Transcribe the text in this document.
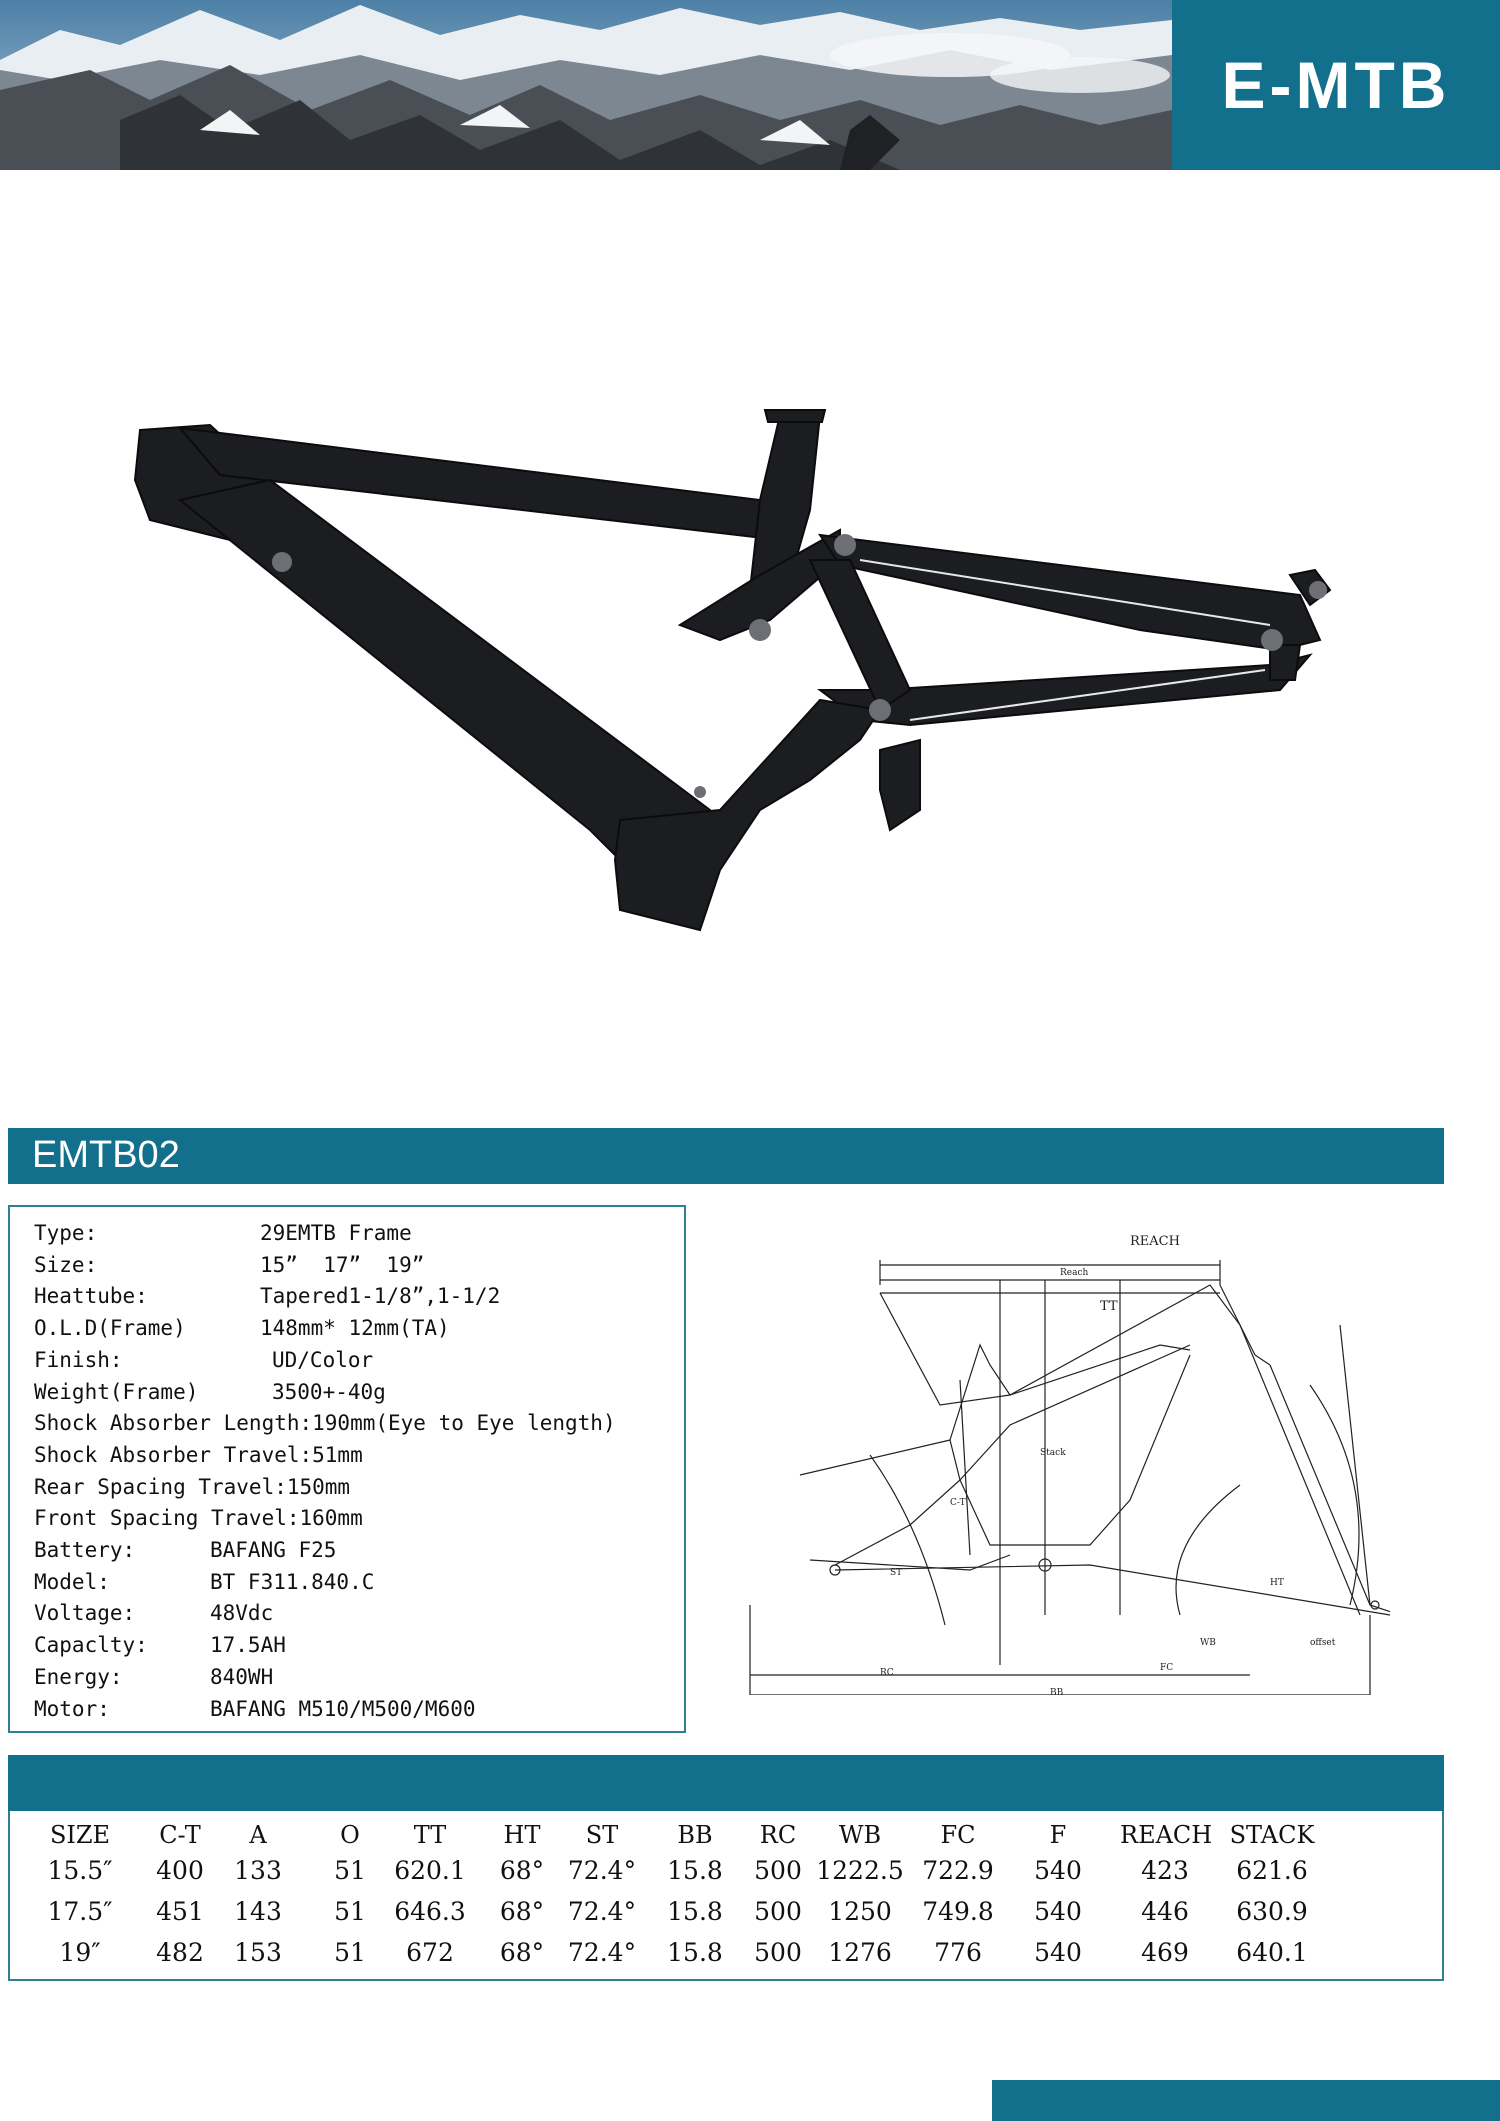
E-MTB
EMTB02
Type:	29EMTB Frame
Size:	15”  17”  19”
Heattube:	Tapered1-1/8”,1-1/2
O.L.D(Frame)	148mm* 12mm(TA)
Finish:	UD/Color
Weight(Frame)	3500+-40g
Shock Absorber Length:190mm(Eye to Eye length)
Shock Absorber Travel:51mm
Rear Spacing Travel:150mm
Front Spacing Travel:160mm
Battery:	BAFANG F25
Model:	BT F311.840.C
Voltage:	48Vdc
Capaclty:	17.5AH
Energy:	840WH
Motor:	BAFANG M510/M500/M600
REACH
TT
Reach
RC	FC
WB
BB
offset
HT
ST
C-T
Stack
SIZE	C-T	A	O	TT	HT	ST	BB	RC	WB	FC	F	REACH STACK
15.5″	400	133	51	620.1	68° 72.4°	15.8	500 1222.5 722.9	540	423	621.6
17.5″	451	143	51	646.3	68° 72.4°	15.8	500	1250	749.8	540	446	630.9
19″	482	153	51	672	68° 72.4°	15.8	500	1276	776	540	469	640.1
